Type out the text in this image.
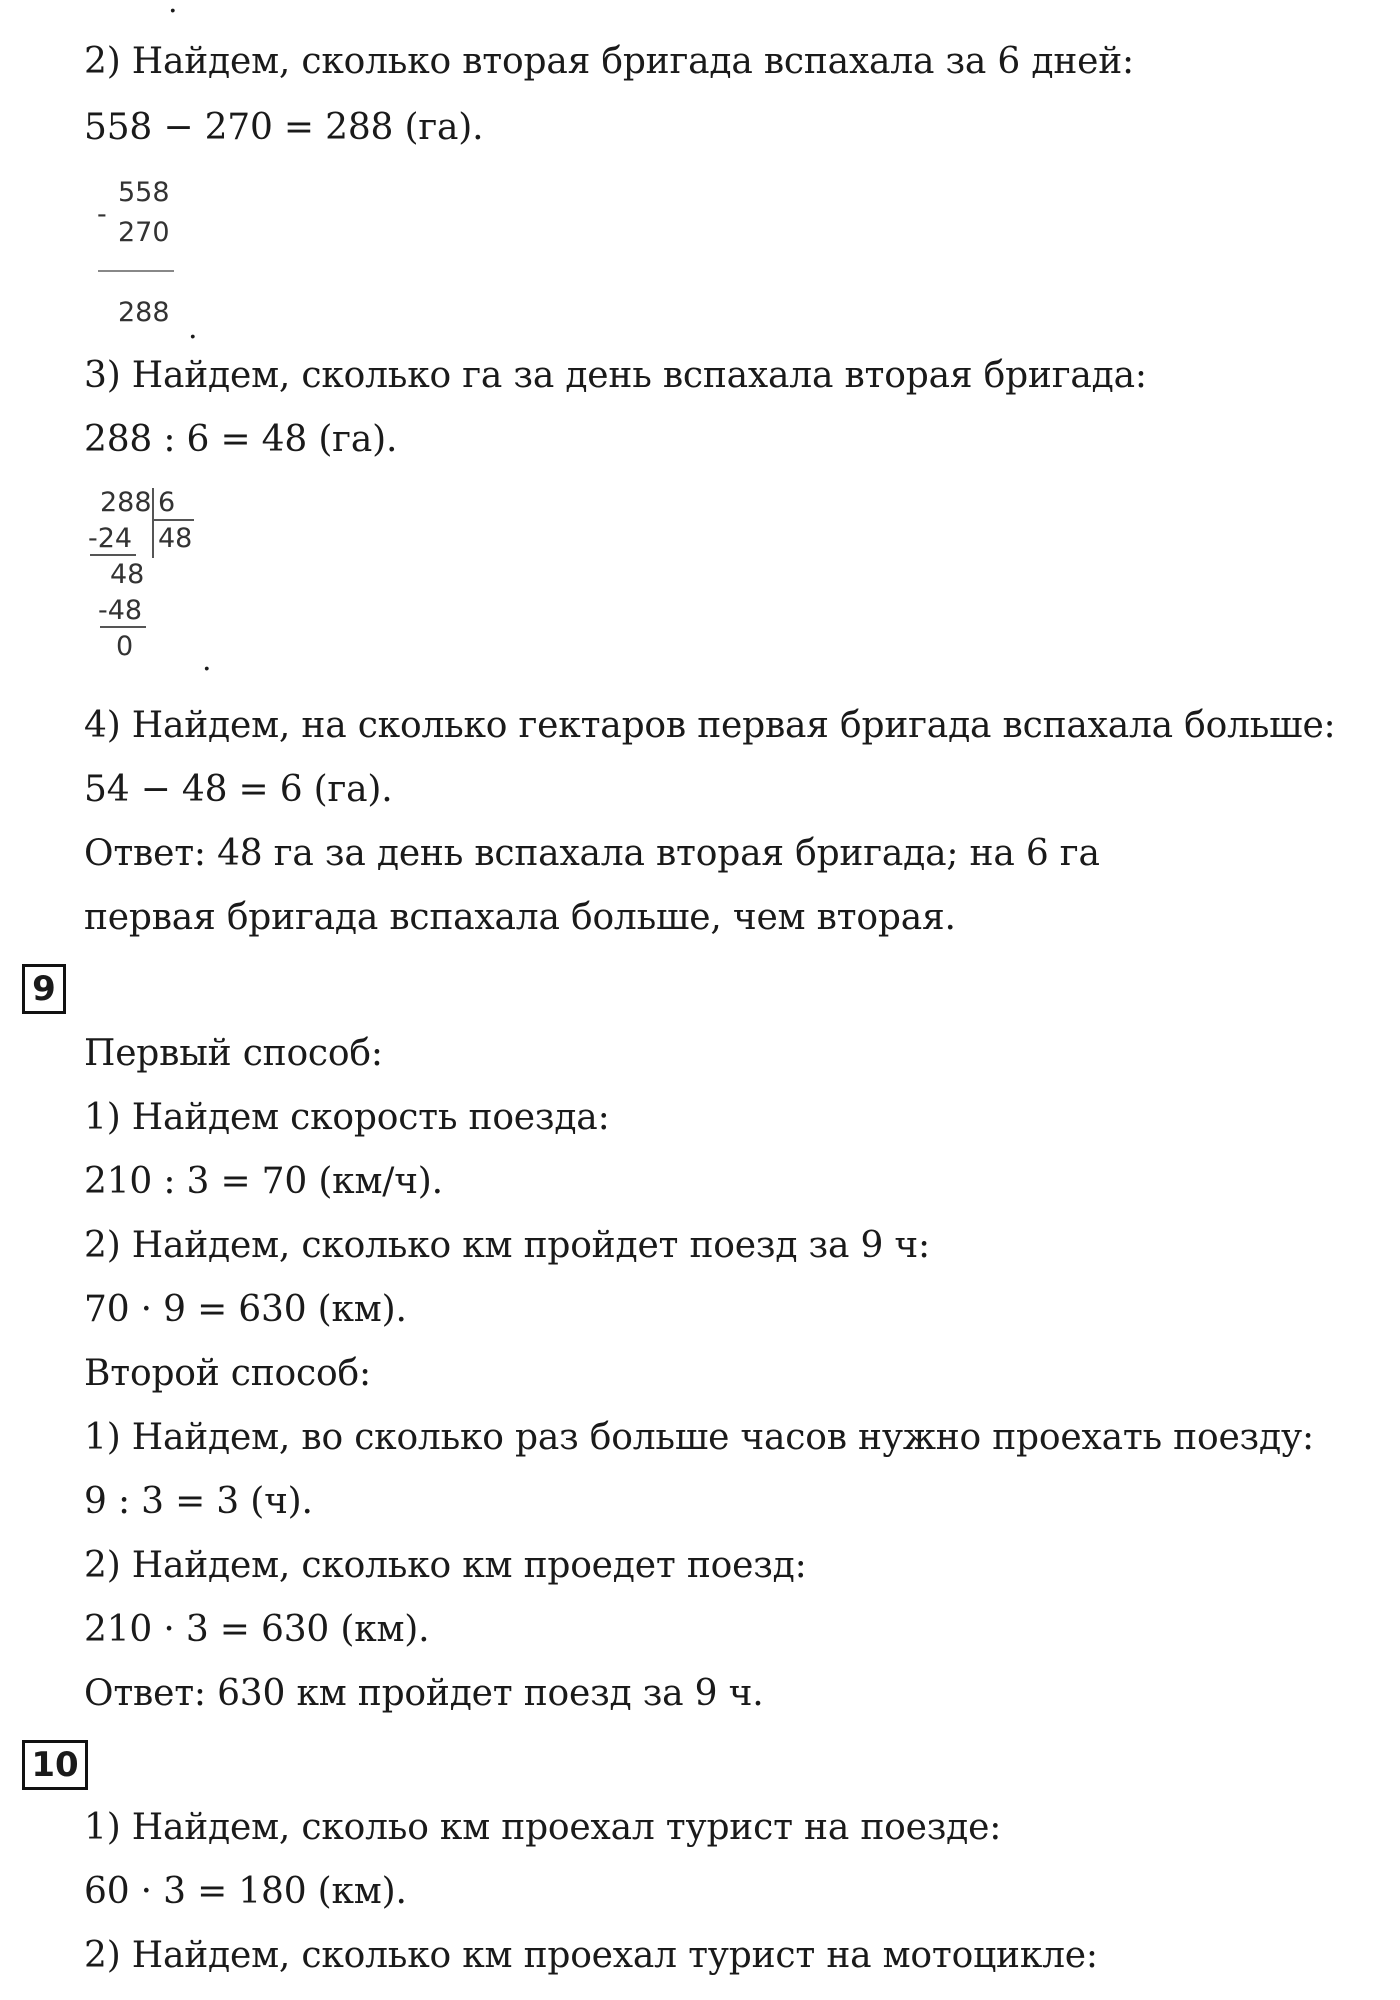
.
2) Найдем, сколько вторая бригада вспахала за 6 дней:
558 − 270 = 288 (га).
-
558
270
288 .
3) Найдем, сколько га за день вспахала вторая бригада:
288 : 6 = 48 (га).
288 6
-24 48
48
-48
0 .
4) Найдем, на сколько гектаров первая бригада вспахала больше:
54 − 48 = 6 (га).
Ответ: 48 га за день вспахала вторая бригада; на 6 га
первая бригада вспахала больше, чем вторая.
9
Первый способ:
1) Найдем скорость поезда:
210 : 3 = 70 (км/ч).
2) Найдем, сколько км пройдет поезд за 9 ч:
70 · 9 = 630 (км).
Второй способ:
1) Найдем, во сколько раз больше часов нужно проехать поезду:
9 : 3 = 3 (ч).
2) Найдем, сколько км проедет поезд:
210 · 3 = 630 (км).
Ответ: 630 км пройдет поезд за 9 ч.
10
1) Найдем, скольо км проехал турист на поезде:
60 · 3 = 180 (км).
2) Найдем, сколько км проехал турист на мотоцикле:
